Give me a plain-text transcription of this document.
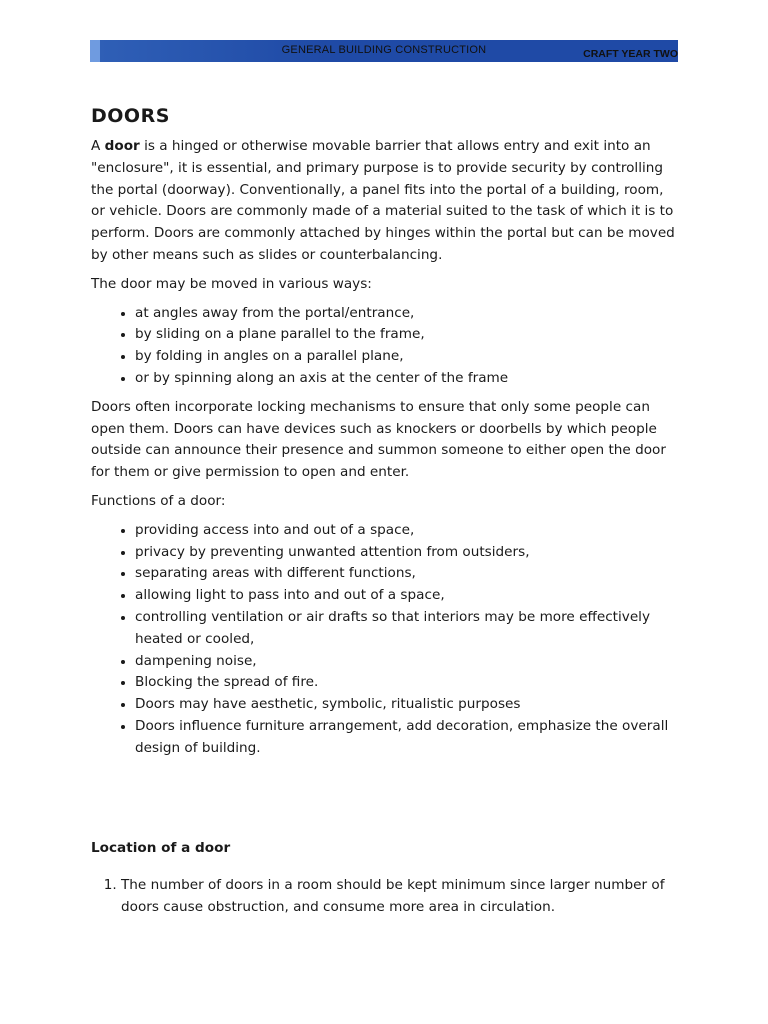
GENERAL BUILDING CONSTRUCTION	CRAFT YEAR TWO
DOORS

A door is a hinged or otherwise movable barrier that allows entry and exit into an "enclosure", it is essential, and primary purpose is to provide security by controlling the portal (doorway). Conventionally, a panel fits into the portal of a building, room, or vehicle. Doors are commonly made of a material suited to the task of which it is to perform. Doors are commonly attached by hinges within the portal but can be moved by other means such as slides or counterbalancing.

The door may be moved in various ways:

• at angles away from the portal/entrance,
• by sliding on a plane parallel to the frame,
• by folding in angles on a parallel plane,
• or by spinning along an axis at the center of the frame

Doors often incorporate locking mechanisms to ensure that only some people can open them. Doors can have devices such as knockers or doorbells by which people outside can announce their presence and summon someone to either open the door for them or give permission to open and enter.

Functions of a door:

• providing access into and out of a space,
• privacy by preventing unwanted attention from outsiders,
• separating areas with different functions,
• allowing light to pass into and out of a space,
• controlling ventilation or air drafts so that interiors may be more effectively heated or cooled,
• dampening noise,
• Blocking the spread of fire.
• Doors may have aesthetic, symbolic, ritualistic purposes
• Doors influence furniture arrangement, add decoration, emphasize the overall design of building.
Location of a door
1. The number of doors in a room should be kept minimum since larger number of doors cause obstruction, and consume more area in circulation.
